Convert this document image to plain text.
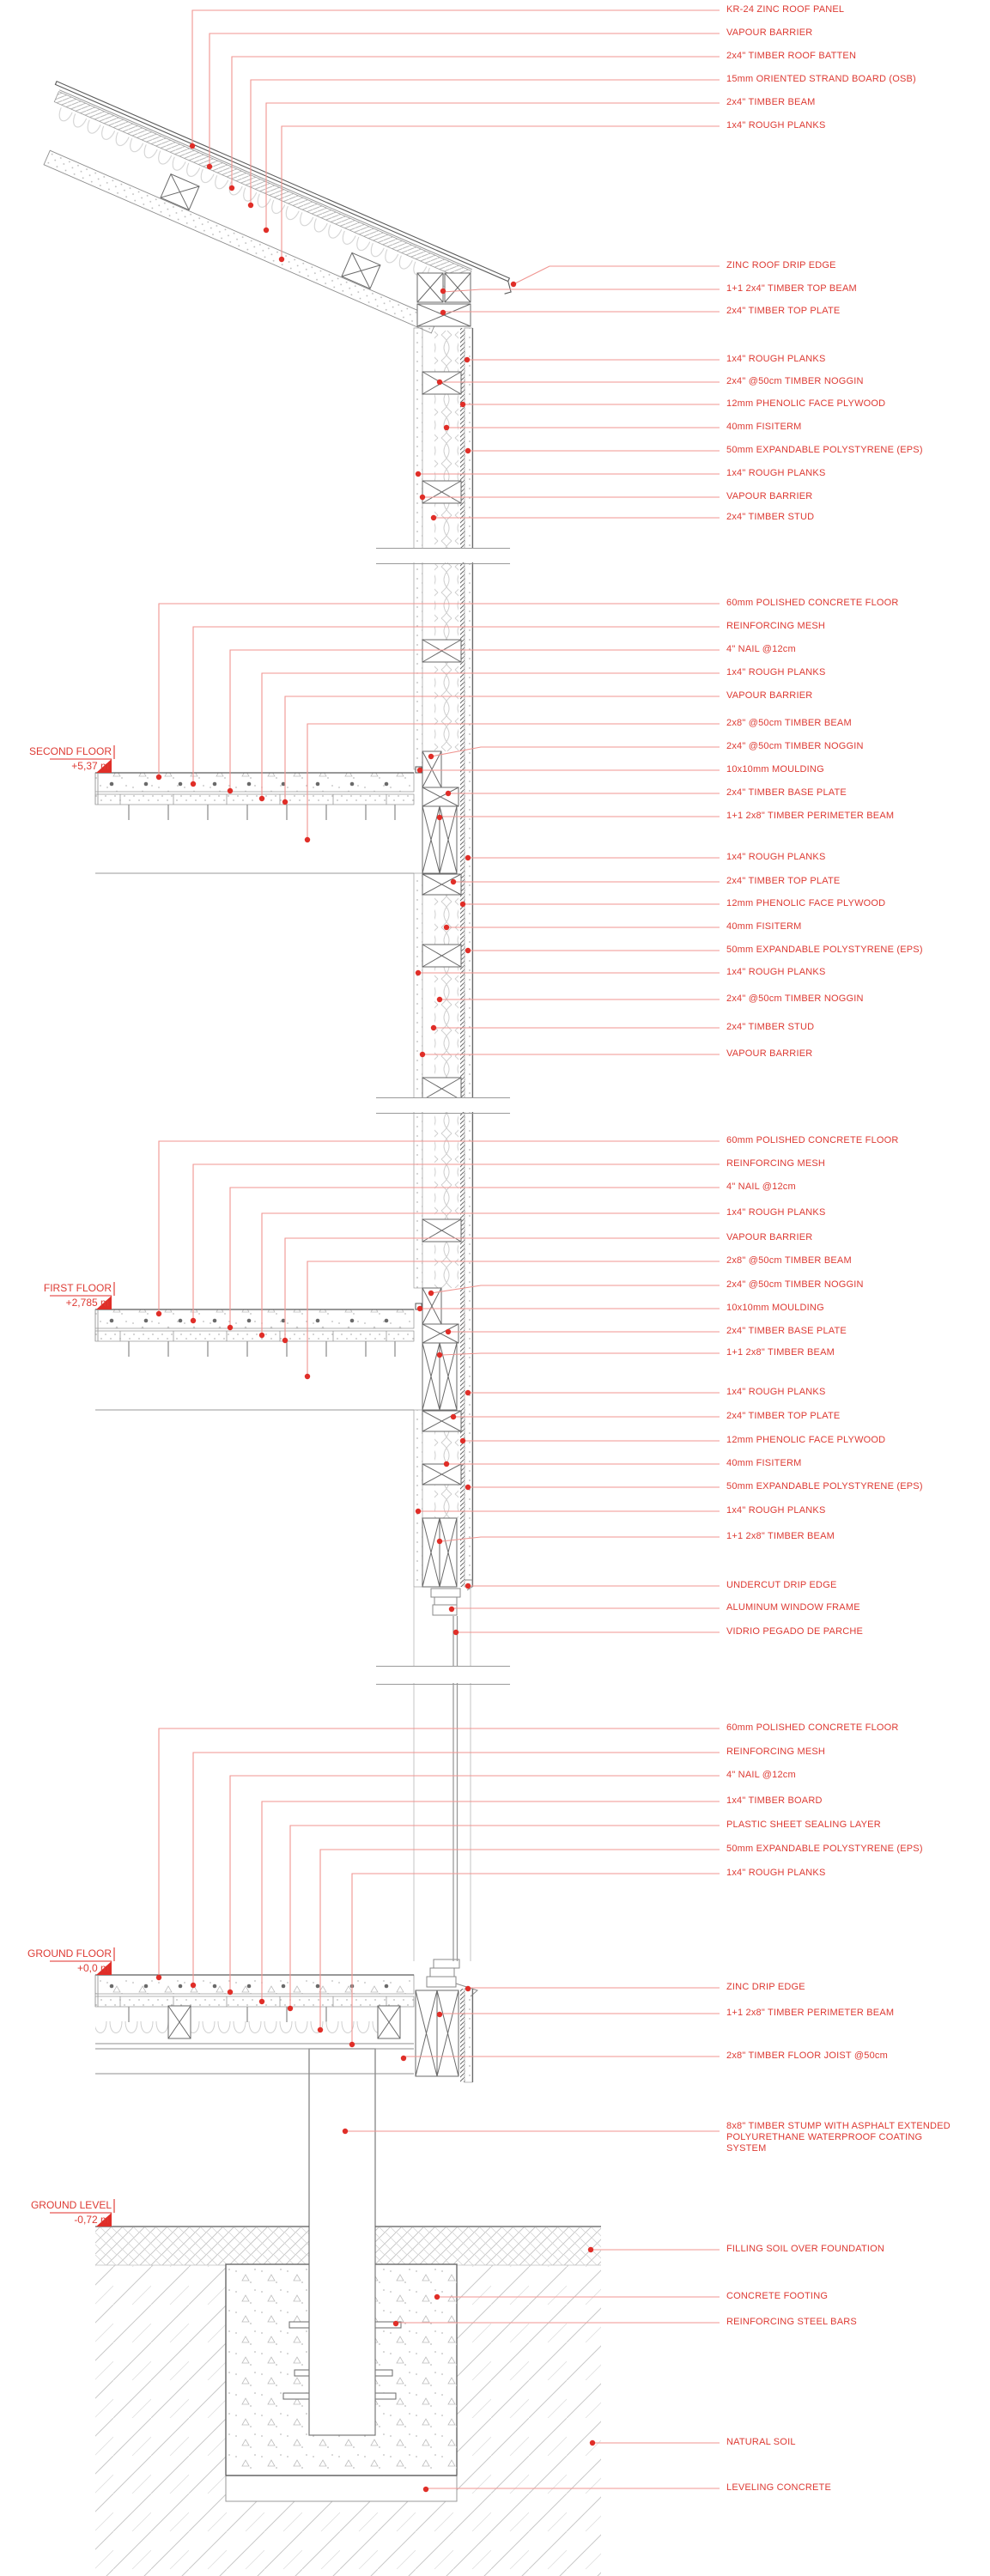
KR-24 ZINC ROOF PANEL
VAPOUR BARRIER
2x4" TIMBER ROOF BATTEN
15mm ORIENTED STRAND BOARD (OSB)
2x4" TIMBER BEAM
1x4" ROUGH PLANKS
ZINC ROOF DRIP EDGE
1+1 2x4" TIMBER TOP BEAM
2x4" TIMBER TOP PLATE
1x4" ROUGH PLANKS
2x4" @50cm TIMBER NOGGIN
12mm PHENOLIC FACE PLYWOOD
40mm FISITERM
50mm EXPANDABLE POLYSTYRENE (EPS)
1x4" ROUGH PLANKS
VAPOUR BARRIER
2x4" TIMBER STUD
60mm POLISHED CONCRETE FLOOR
REINFORCING MESH
4" NAIL @12cm
1x4" ROUGH PLANKS
VAPOUR BARRIER
2x8" @50cm TIMBER BEAM
2x4" @50cm TIMBER NOGGIN
10x10mm MOULDING
2x4" TIMBER BASE PLATE
1+1 2x8" TIMBER PERIMETER BEAM
1x4" ROUGH PLANKS
2x4" TIMBER TOP PLATE
12mm PHENOLIC FACE PLYWOOD
40mm FISITERM
50mm EXPANDABLE POLYSTYRENE (EPS)
1x4" ROUGH PLANKS
2x4" @50cm TIMBER NOGGIN
2x4" TIMBER STUD
VAPOUR BARRIER
60mm POLISHED CONCRETE FLOOR
REINFORCING MESH
4" NAIL @12cm
1x4" ROUGH PLANKS
VAPOUR BARRIER
2x8" @50cm TIMBER BEAM
2x4" @50cm TIMBER NOGGIN
10x10mm MOULDING
2x4" TIMBER BASE PLATE
1+1 2x8" TIMBER BEAM
1x4" ROUGH PLANKS
2x4" TIMBER TOP PLATE
12mm PHENOLIC FACE PLYWOOD
40mm FISITERM
50mm EXPANDABLE POLYSTYRENE (EPS)
1x4" ROUGH PLANKS
1+1 2x8" TIMBER BEAM
UNDERCUT DRIP EDGE
ALUMINUM WINDOW FRAME
VIDRIO PEGADO DE PARCHE
60mm POLISHED CONCRETE FLOOR
REINFORCING MESH
4" NAIL @12cm
1x4" TIMBER BOARD
PLASTIC SHEET SEALING LAYER
50mm EXPANDABLE POLYSTYRENE (EPS)
1x4" ROUGH PLANKS
ZINC DRIP EDGE
1+1 2x8" TIMBER PERIMETER BEAM
2x8" TIMBER FLOOR JOIST @50cm
8x8" TIMBER STUMP WITH ASPHALT EXTENDED POLYURETHANE WATERPROOF COATING SYSTEM
FILLING SOIL OVER FOUNDATION
CONCRETE FOOTING
REINFORCING STEEL BARS
NATURAL SOIL
LEVELING CONCRETE
SECOND FLOOR
+5,37 m
FIRST FLOOR
+2,785 m
GROUND FLOOR
+0,0 m
GROUND LEVEL
-0,72 m
